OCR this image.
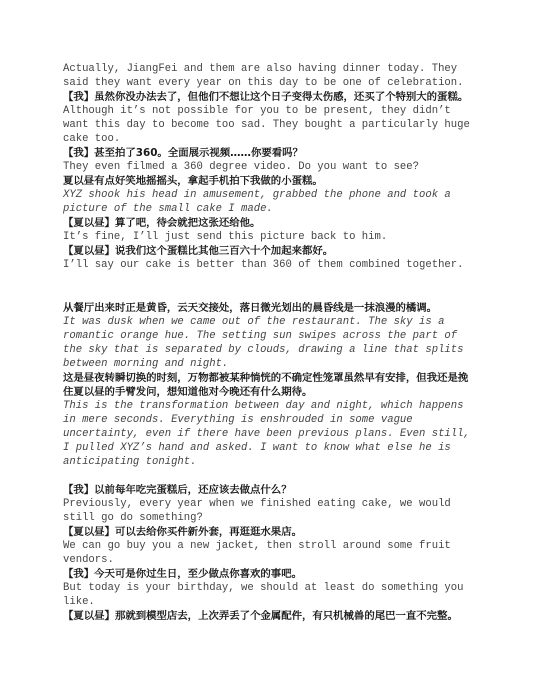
Actually, JiangFei and them are also having dinner today. They said they want every year on this day to be one of celebration.

【我】虽然你没办法去了，但他们不想让这个日子变得太伤感，还买了个特别大的蛋糕。

Although it’s not possible for you to be present, they didn’t want this day to become too sad. They bought a particularly huge cake too.

【我】甚至拍了360。全面展示视频……你要看吗？

They even filmed a 360 degree video. Do you want to see?

夏以昼有点好笑地摇摇头，拿起手机拍下我做的小蛋糕。

XYZ shook his head in amusement, grabbed the phone and took a picture of the small cake I made.

【夏以昼】算了吧，待会就把这张还给他。

It’s fine, I’ll just send this picture back to him.

【夏以昼】说我们这个蛋糕比其他三百六十个加起来都好。

I’ll say our cake is better than 360 of them combined together.

从餐厅出来时正是黄昏，云天交接处，落日微光划出的晨昏线是一抹浪漫的橘调。

It was dusk when we came out of the restaurant. The sky is a romantic orange hue. The setting sun swipes across the part of the sky that is separated by clouds, drawing a line that splits between morning and night.

这是昼夜转瞬切换的时刻，万物都被某种惝恍的不确定性笼罩虽然早有安排，但我还是挽住夏以昼的手臂发问，想知道他对今晚还有什么期待。

This is the transformation between day and night, which happens in mere seconds. Everything is enshrouded in some vague uncertainty, even if there have been previous plans. Even still, I pulled XYZ’s hand and asked. I want to know what else he is anticipating tonight.

【我】以前每年吃完蛋糕后，还应该去做点什么？

Previously, every year when we finished eating cake, we would still go do something?

【夏以昼】可以去给你买件新外套，再逛逛水果店。

We can go buy you a new jacket, then stroll around some fruit vendors.

【我】今天可是你过生日，至少做点你喜欢的事吧。

But today is your birthday, we should at least do something you like.

【夏以昼】那就到模型店去，上次弄丢了个金属配件，有只机械兽的尾巴一直不完整。
